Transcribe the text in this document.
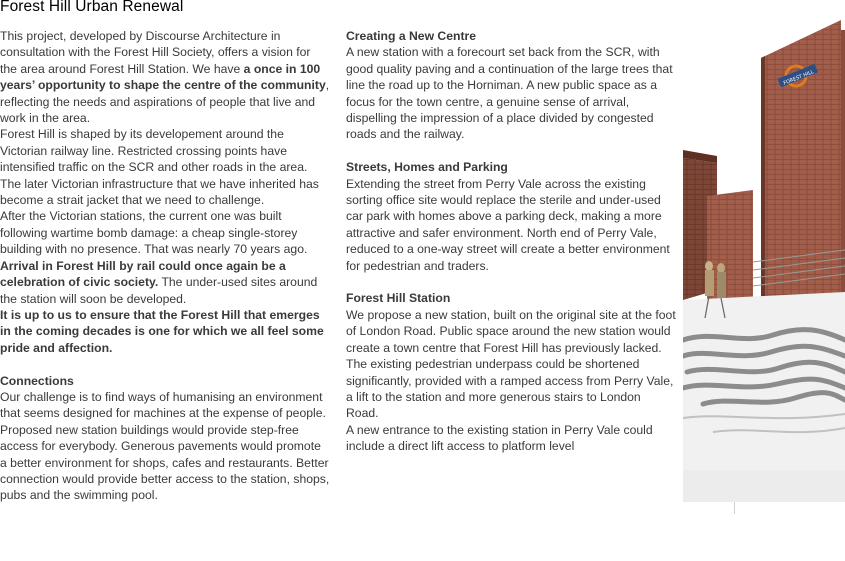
Forest Hill Urban Renewal

This project, developed by Discourse Architecture in consultation with the Forest Hill Society, offers a vision for the area around Forest Hill Station. We have a once in 100 years’ opportunity to shape the centre of the community, reflecting the needs and aspirations of people that live and work in the area.

Forest Hill is shaped by its developement around the Victorian railway line. Restricted crossing points have intensified traffic on the SCR and other roads in the area. The later Victorian infrastructure that we have inherited has become a strait jacket that we need to challenge.

After the Victorian stations, the current one was built following wartime bomb damage: a cheap single-storey building with no presence. That was nearly 70 years ago.

Arrival in Forest Hill by rail could once again be a celebration of civic society. The under-used sites around the station will soon be developed.

It is up to us to ensure that the Forest Hill that emerges in the coming decades is one for which we all feel some pride and affection.

Connections

Our challenge is to find ways of humanising an environment that seems designed for machines at the expense of people. Proposed new station buildings would provide step-free access for everybody. Generous pavements would promote a better environment for shops, cafes and restaurants. Better connection would provide better access to the station, shops, pubs and the swimming pool.

Creating a New Centre

A new station with a forecourt set back from the SCR, with good quality paving and a continuation of the large trees that line the road up to the Horniman. A new public space as a focus for the town centre, a genuine sense of arrival, dispelling the impression of a place divided by congested roads and the railway.

Streets, Homes and Parking

Extending the street from Perry Vale across the existing sorting office site would replace the sterile and under-used car park with homes above a parking deck, making a more attractive and safer environment. North end of Perry Vale, reduced to a one-way street will create a better environment for pedestrian and traders.

Forest Hill Station

We propose a new station, built on the original site at the foot of London Road. Public space around the new station would create a town centre that Forest Hill has previously lacked. The existing pedestrian underpass could be shortened significantly, provided with a ramped access from Perry Vale, a lift to the station and more generous stairs to London Road.

A new entrance to the existing station in Perry Vale could include a direct lift access to platform level

FOREST HILL
